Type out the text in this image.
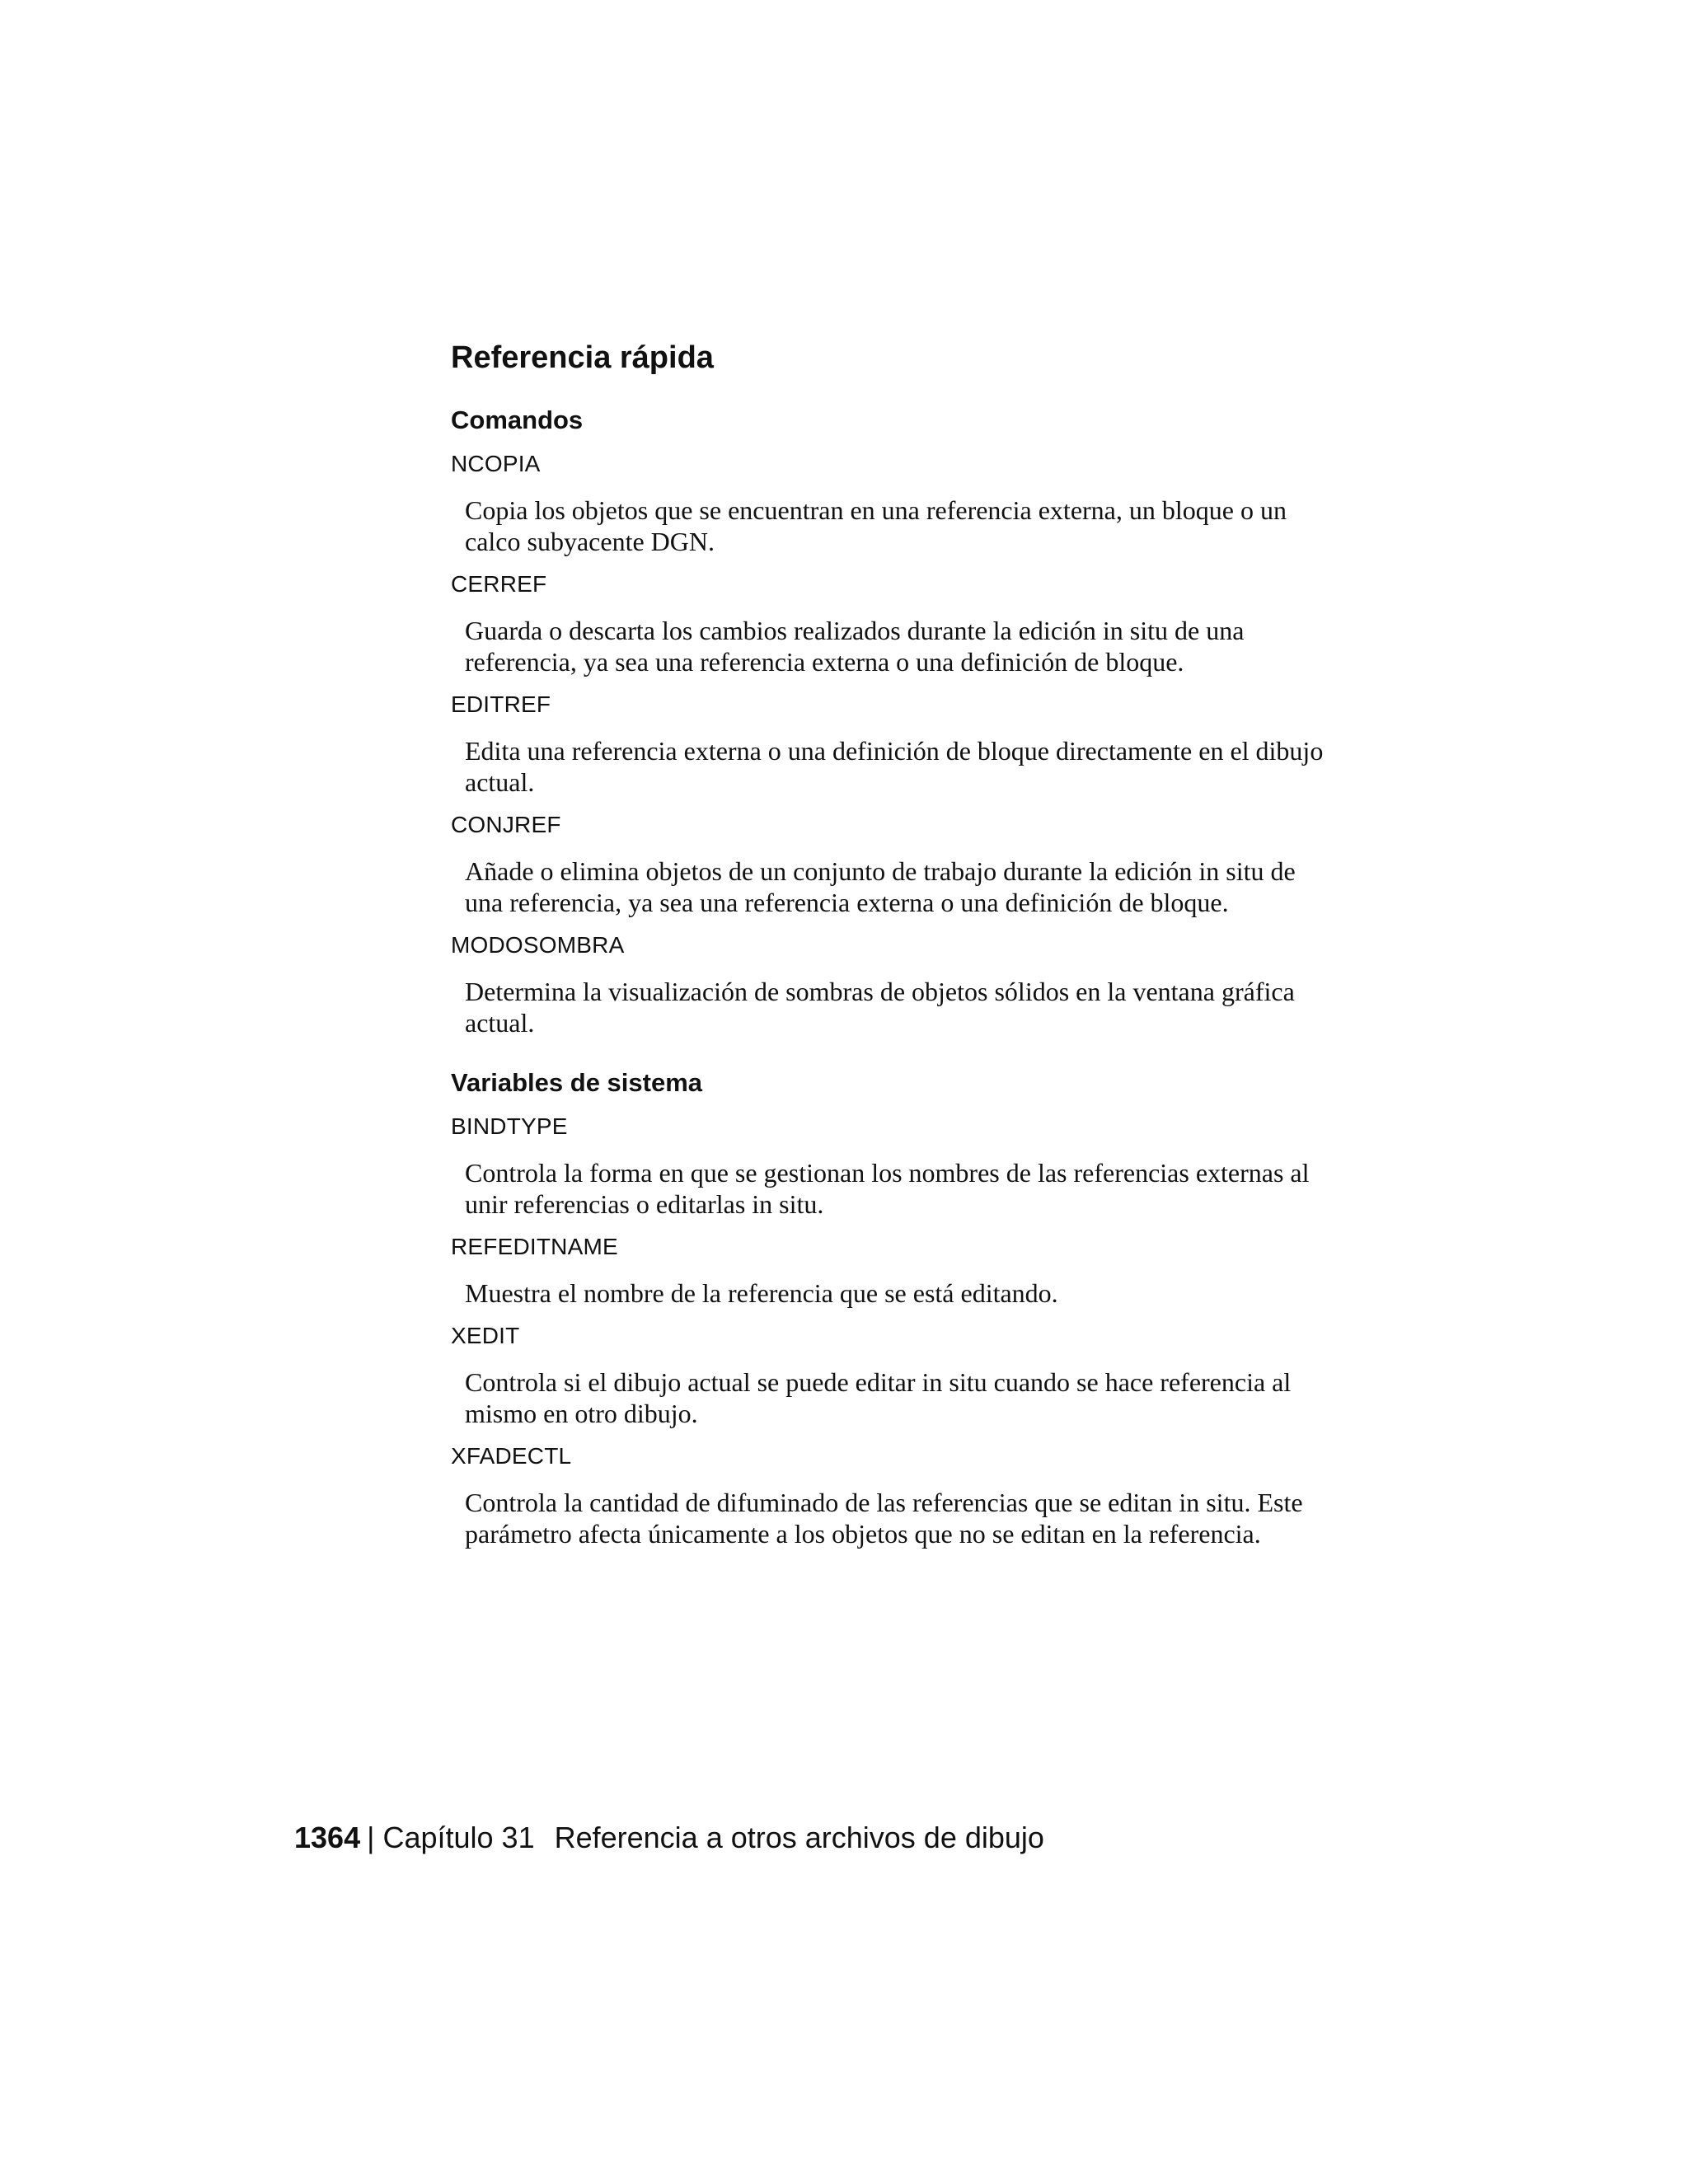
Referencia rápida
Comandos
NCOPIA
Copia los objetos que se encuentran en una referencia externa, un bloque o un calco subyacente DGN.
CERREF
Guarda o descarta los cambios realizados durante la edición in situ de una referencia, ya sea una referencia externa o una definición de bloque.
EDITREF
Edita una referencia externa o una definición de bloque directamente en el dibujo actual.
CONJREF
Añade o elimina objetos de un conjunto de trabajo durante la edición in situ de una referencia, ya sea una referencia externa o una definición de bloque.
MODOSOMBRA
Determina la visualización de sombras de objetos sólidos en la ventana gráfica actual.
Variables de sistema
BINDTYPE
Controla la forma en que se gestionan los nombres de las referencias externas al unir referencias o editarlas in situ.
REFEDITNAME
Muestra el nombre de la referencia que se está editando.
XEDIT
Controla si el dibujo actual se puede editar in situ cuando se hace referencia al mismo en otro dibujo.
XFADECTL
Controla la cantidad de difuminado de las referencias que se editan in situ. Este parámetro afecta únicamente a los objetos que no se editan en la referencia.
1364 | Capítulo 31 Referencia a otros archivos de dibujo
